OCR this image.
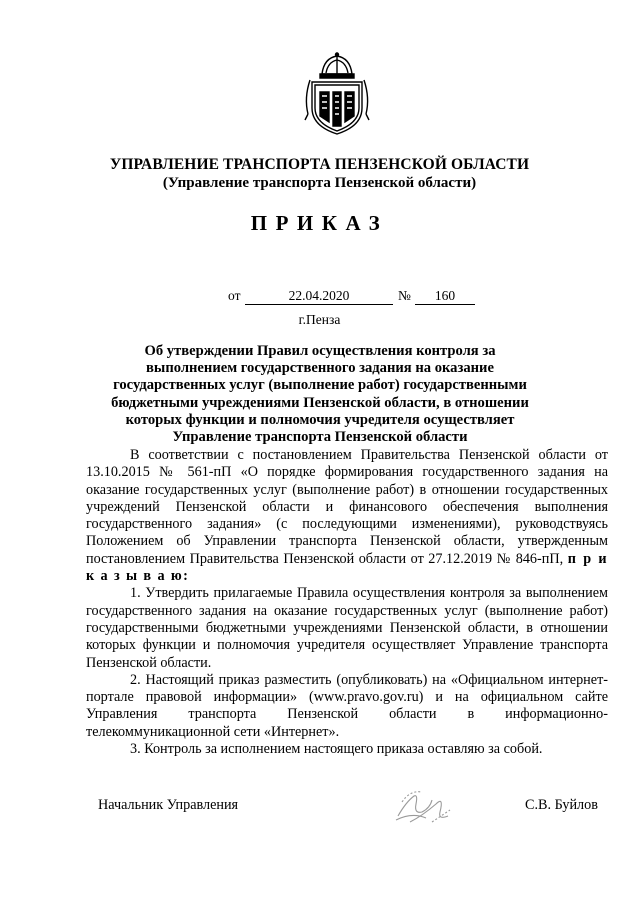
УПРАВЛЕНИЕ ТРАНСПОРТА ПЕНЗЕНСКОЙ ОБЛАСТИ
(Управление транспорта Пензенской области)
ПРИКАЗ
от	22.04.2020	№	160
г.Пенза
Об утверждении Правил осуществления контроля за выполнением государственного задания на оказание государственных услуг (выполнение работ) государственными бюджетными учреждениями Пензенской области, в отношении которых функции и полномочия учредителя осуществляет Управление транспорта Пензенской области

В соответствии с постановлением Правительства Пензенской области от 13.10.2015 № 561-пП «О порядке формирования государственного задания на оказание государственных услуг (выполнение работ) в отношении государственных учреждений Пензенской области и финансового обеспечения выполнения государственного задания» (с последующими изменениями), руководствуясь Положением об Управлении транспорта Пензенской области, утвержденным постановлением Правительства Пензенской области от 27.12.2019 № 846-пП, п р и к а з ы в а ю:

1. Утвердить прилагаемые Правила осуществления контроля за выполнением государственного задания на оказание государственных услуг (выполнение работ) государственными бюджетными учреждениями Пензенской области, в отношении которых функции и полномочия учредителя осуществляет Управление транспорта Пензенской области.

2. Настоящий приказ разместить (опубликовать) на «Официальном интернет-портале правовой информации» (www.pravo.gov.ru) и на официальном сайте Управления транспорта Пензенской области в информационно-телекоммуникационной сети «Интернет».

3. Контроль за исполнением настоящего приказа оставляю за собой.

Начальник Управления	С.В. Буйлов
